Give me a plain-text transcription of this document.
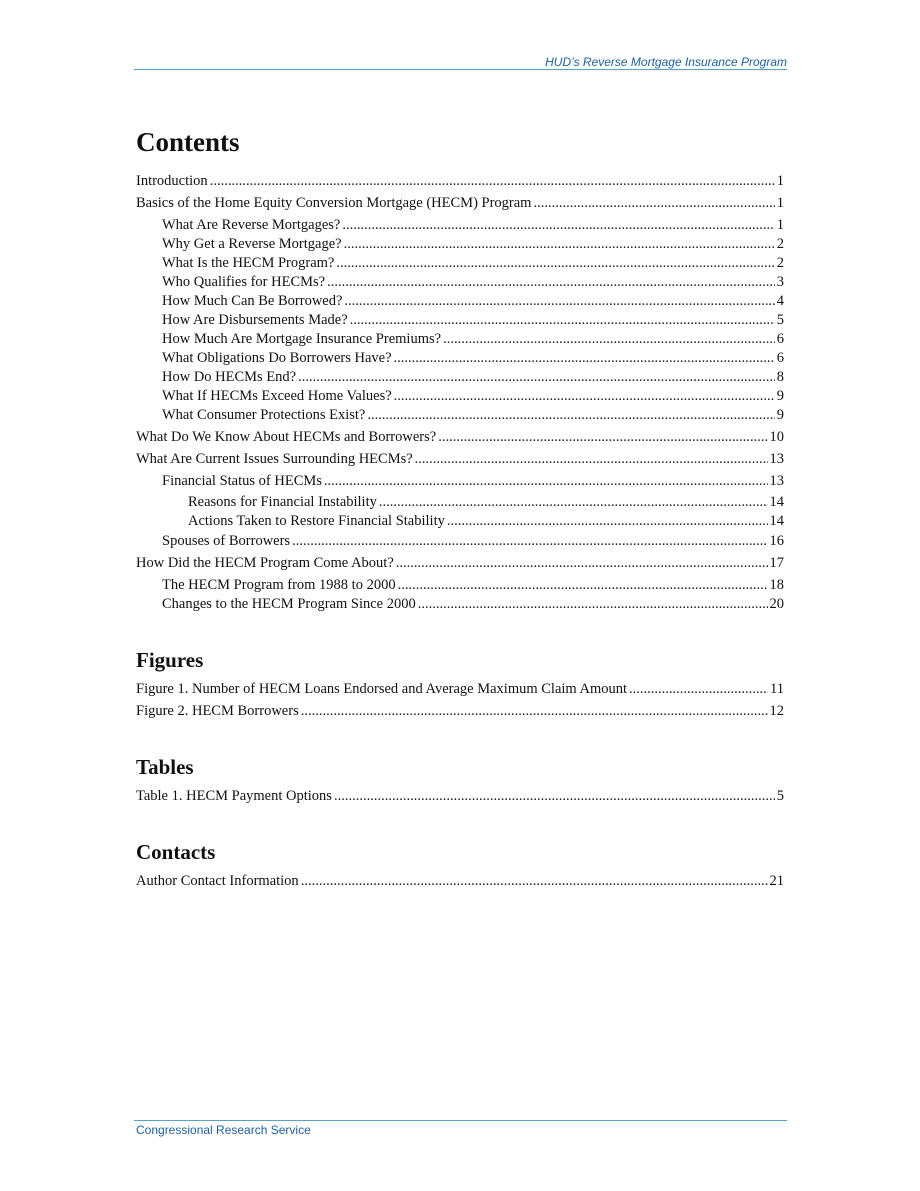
HUD’s Reverse Mortgage Insurance Program
Contents
Introduction .....	1
Basics of the Home Equity Conversion Mortgage (HECM) Program .....	1
What Are Reverse Mortgages? .....	1
Why Get a Reverse Mortgage? .....	2
What Is the HECM Program? .....	2
Who Qualifies for HECMs? .....	3
How Much Can Be Borrowed? .....	4
How Are Disbursements Made? .....	5
How Much Are Mortgage Insurance Premiums? .....	6
What Obligations Do Borrowers Have? .....	6
How Do HECMs End? .....	8
What If HECMs Exceed Home Values? .....	9
What Consumer Protections Exist? .....	9
What Do We Know About HECMs and Borrowers? .....	10
What Are Current Issues Surrounding HECMs? .....	13
Financial Status of HECMs .....	13
Reasons for Financial Instability .....	14
Actions Taken to Restore Financial Stability .....	14
Spouses of Borrowers .....	16
How Did the HECM Program Come About? .....	17
The HECM Program from 1988 to 2000 .....	18
Changes to the HECM Program Since 2000 .....	20
Figures
Figure 1. Number of HECM Loans Endorsed and Average Maximum Claim Amount .....	11
Figure 2. HECM Borrowers .....	12
Tables
Table 1. HECM Payment Options .....	5
Contacts
Author Contact Information .....	21
Congressional Research Service
